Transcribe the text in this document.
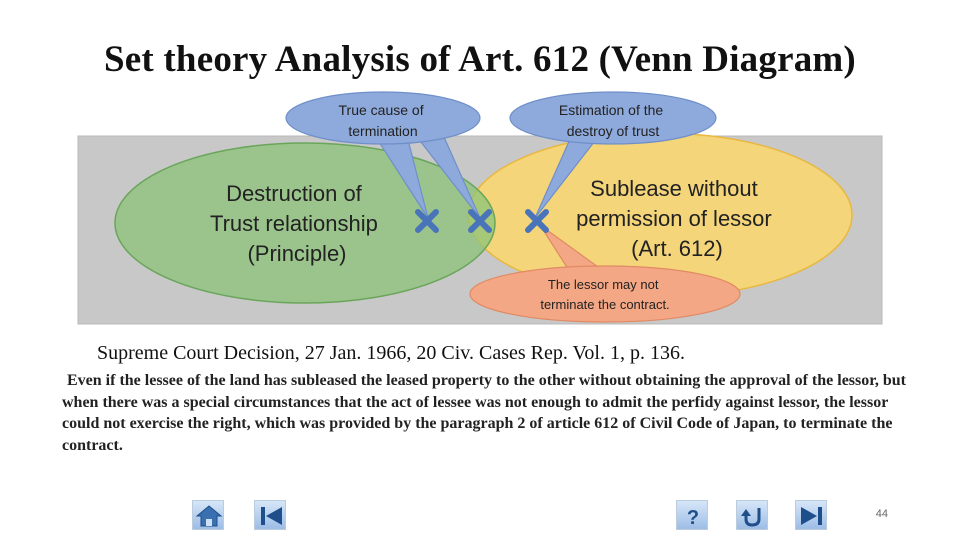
Set theory Analysis of Art. 612 (Venn Diagram)
Destruction of Trust relationship (Principle)
Sublease without permission of lessor (Art. 612)
True cause of termination
Estimation of the destroy of trust
The lessor may not terminate the contract.
Supreme Court Decision, 27 Jan. 1966, 20 Civ. Cases Rep. Vol. 1, p. 136.
Even if the lessee of the land has subleased the leased property to the other without obtaining the approval of the lessor, but when there was a special circumstances that the act of lessee was not enough to admit the perfidy against lessor, the lessor could not exercise the right, which was provided by the paragraph 2 of article 612 of Civil Code of Japan, to terminate the contract.
?	44
